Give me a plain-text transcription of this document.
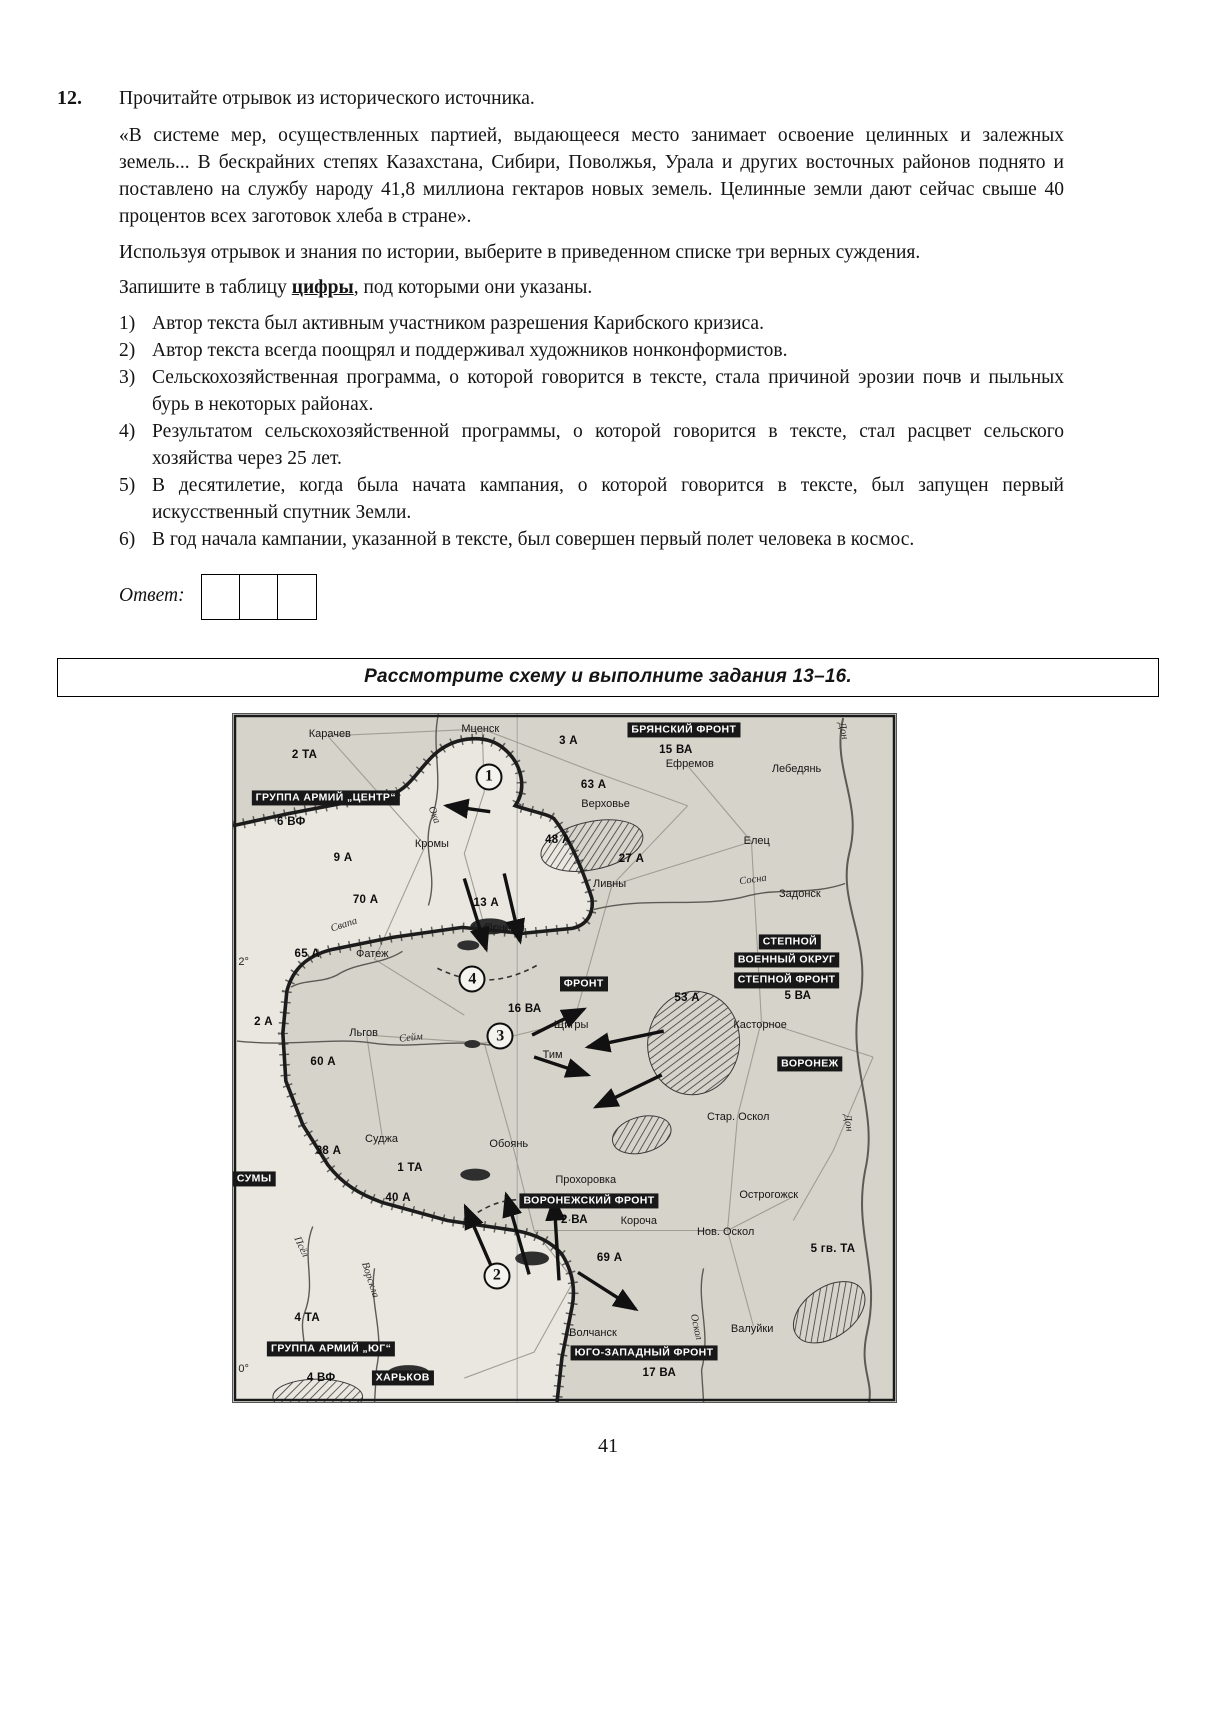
12.	Прочитайте отрывок из исторического источника.

«В системе мер, осуществленных партией, выдающееся место занимает освоение целинных и залежных земель... В бескрайних степях Казахстана, Сибири, Поволжья, Урала и других восточных районов поднято и поставлено на службу народу 41,8 миллиона гектаров новых земель. Целинные земли дают сейчас свыше 40 процентов всех заготовок хлеба в стране».

Используя отрывок и знания по истории, выберите в приведенном списке три верных суждения.

Запишите в таблицу цифры, под которыми они указаны.

1) Автор текста был активным участником разрешения Карибского кризиса.
2) Автор текста всегда поощрял и поддерживал художников нонконформистов.
3) Сельскохозяйственная программа, о которой говорится в тексте, стала причиной эрозии почв и пыльных бурь в некоторых районах.
4) Результатом сельскохозяйственной программы, о которой говорится в тексте, стал расцвет сельского хозяйства через 25 лет.
5) В десятилетие, когда была начата кампания, о которой говорится в тексте, был запущен первый искусственный спутник Земли.
6) В год начала кампании, указанной в тексте, был совершен первый полет человека в космос.
Ответ:
Рассмотрите схему и выполните задания 13–16.
БРЯНСКИЙ ФРОНТ
ГРУППА АРМИЙ „ЦЕНТР“
СТЕПНОЙ
ВОЕННЫЙ ОКРУГ
СТЕПНОЙ ФРОНТ
ФРОНТ
ВОРОНЕЖ
СУМЫ
ВОРОНЕЖСКИЙ ФРОНТ
ГРУППА АРМИЙ „ЮГ“
ХАРЬКОВ
ЮГО-ЗАПАДНЫЙ ФРОНТ
Карачев	Мценск
Ефремов	Лебедянь
Верховье
Елец
Кромы
Ливны
Задонск
Поныри
Фатеж
Щигры	Касторное
Льгов
Тим
Стар. Оскол
Суджа	Обоянь
Прохоровка
Острогожск
Короча
Нов. Оскол
Волчанск	Валуйки
2 ТА
3 А
15 ВА
63 А
6 ВФ
9 А
48 А
27 А
70 А	13 А
65 А
16 ВА
53 А	5 ВА
2 А
60 А
38 А
1 ТА
40 А
2 ВА
69 А
5 гв. ТА
4 ТА
4 ВФ	17 ВА
Дон
Ока
Сосна
Свапа
Сейм
Дон
Псёл
Ворскла
Оскол
2°
0°
1
4
3
2
41
